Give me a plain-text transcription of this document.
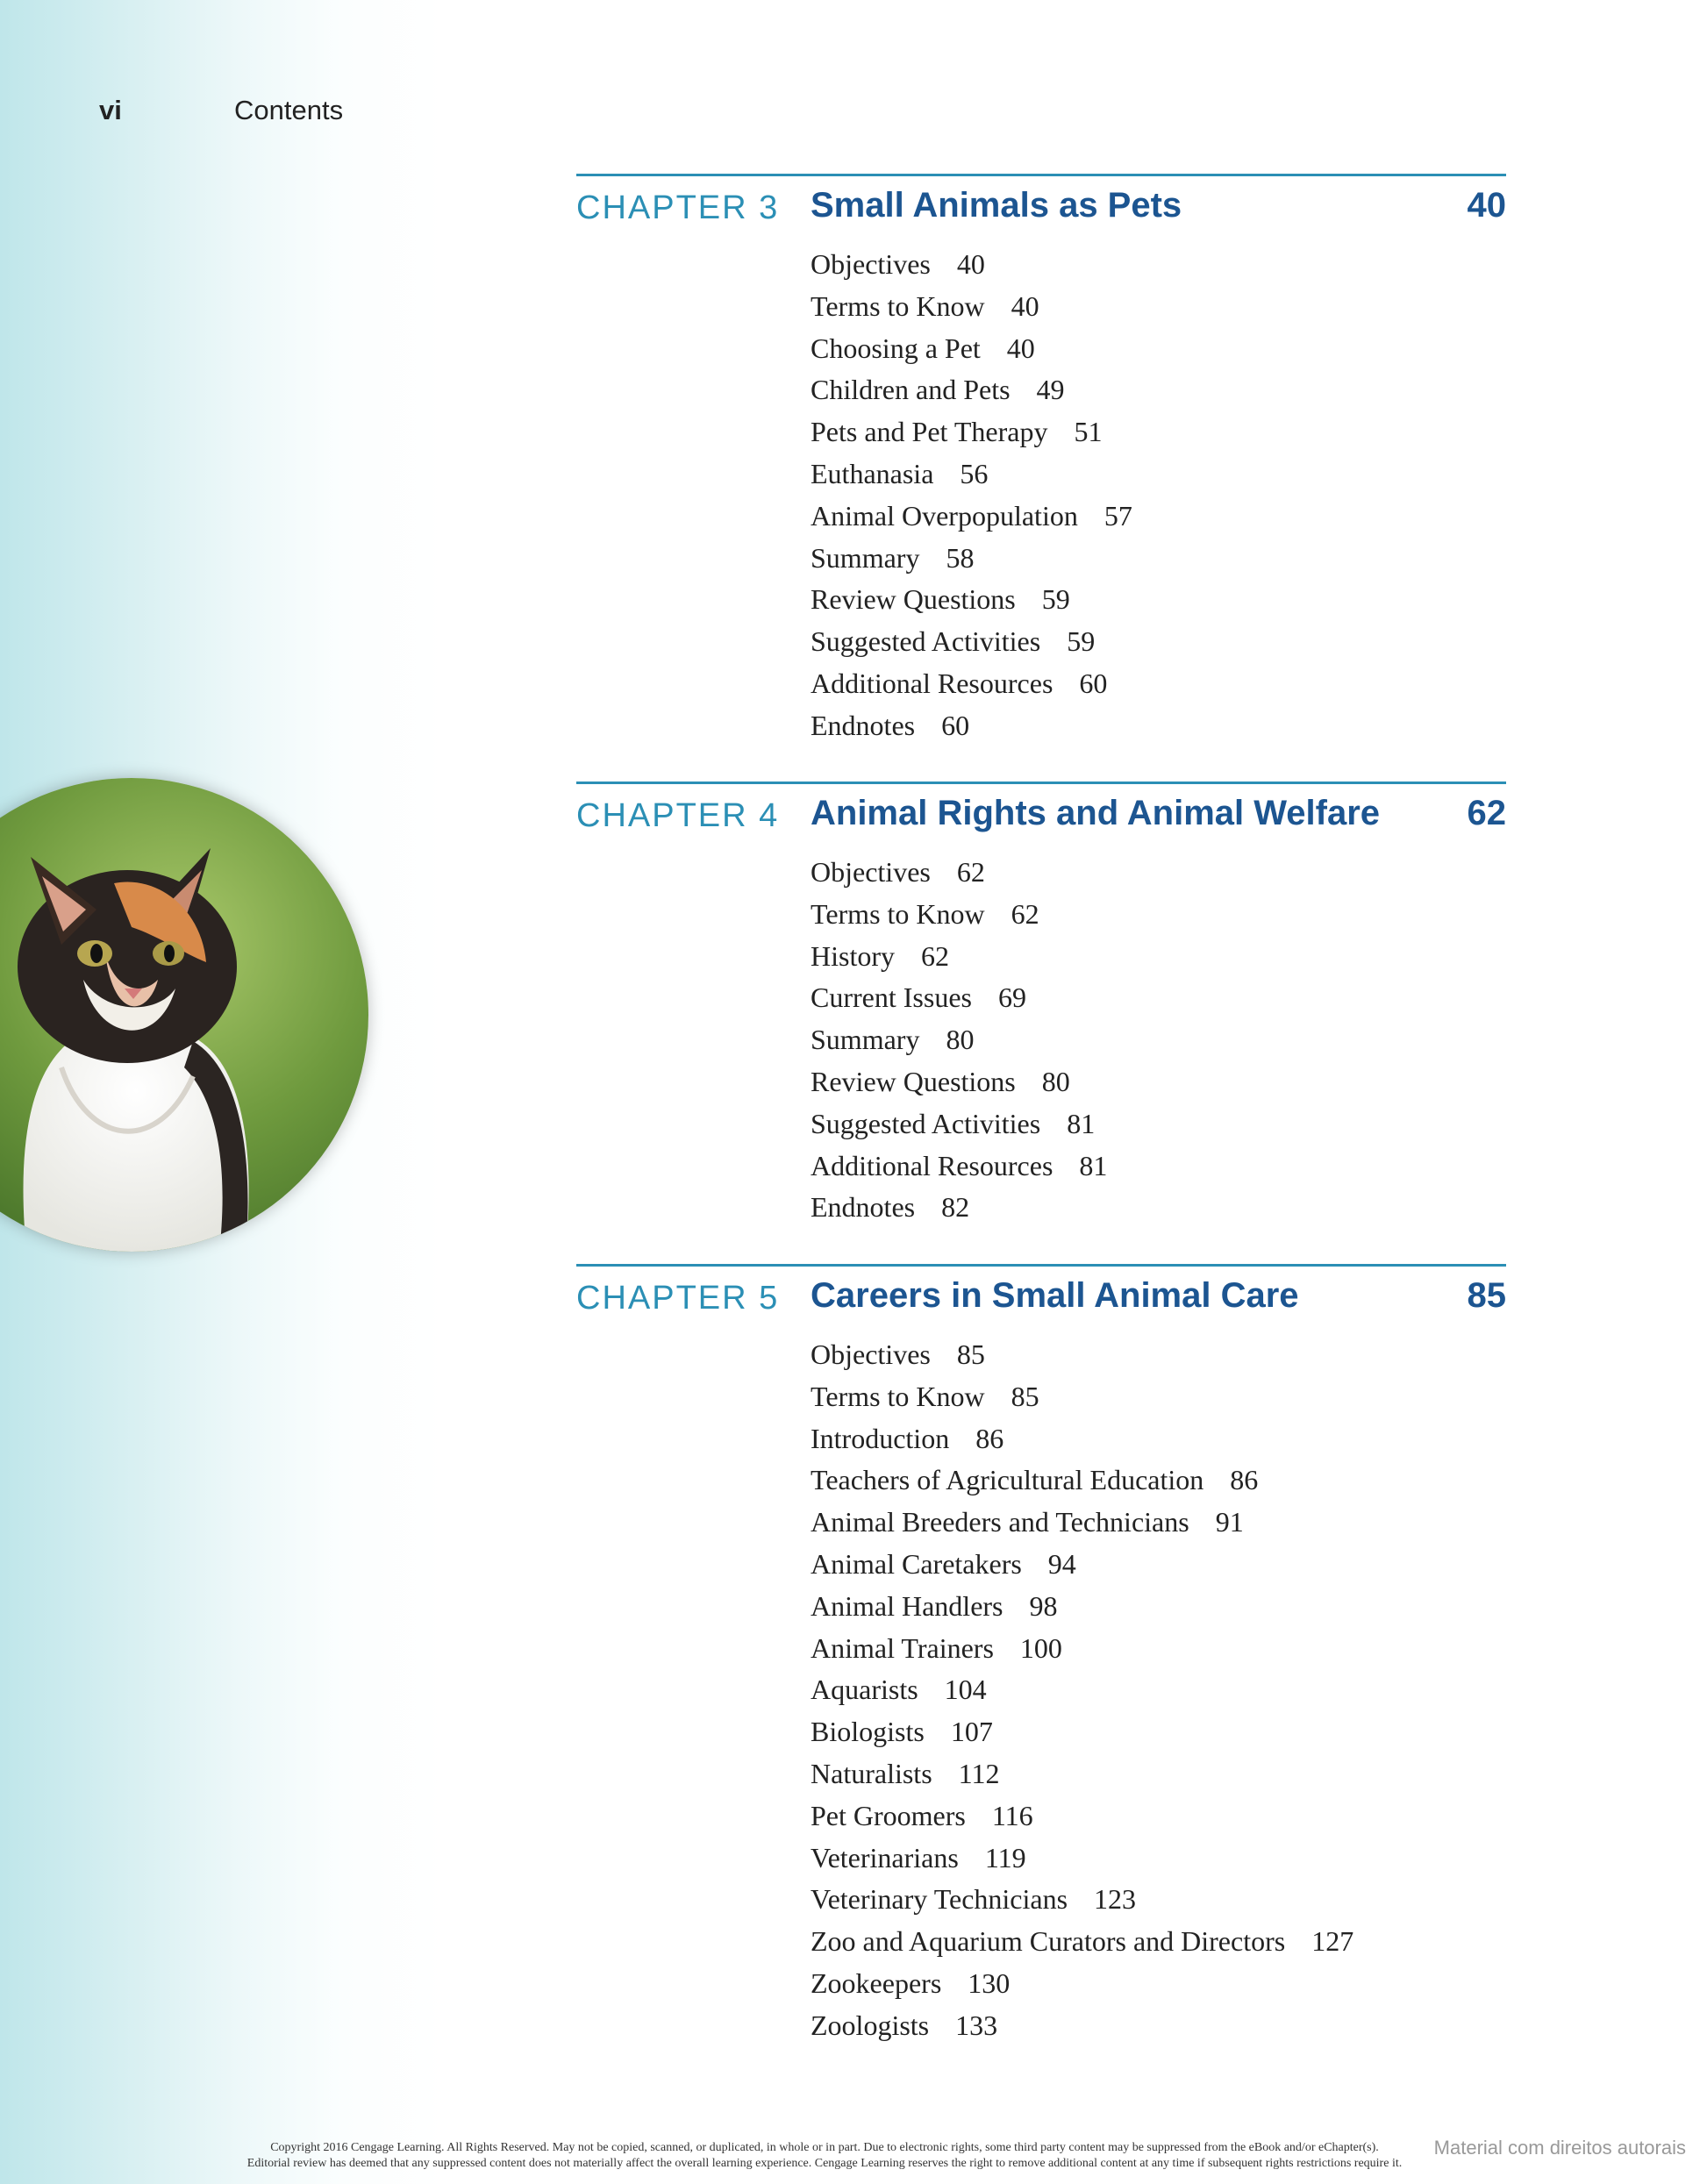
vi	Contents
CHAPTER 3 Small Animals as Pets	40
Objectives 40
Terms to Know 40
Choosing a Pet 40
Children and Pets 49
Pets and Pet Therapy 51
Euthanasia 56
Animal Overpopulation 57
Summary 58
Review Questions 59
Suggested Activities 59
Additional Resources 60
Endnotes 60
CHAPTER 4 Animal Rights and Animal Welfare 62
Objectives 62
Terms to Know 62
History 62
Current Issues 69
Summary 80
Review Questions 80
Suggested Activities 81
Additional Resources 81
Endnotes 82
CHAPTER 5 Careers in Small Animal Care	85
Objectives 85
Terms to Know 85
Introduction 86
Teachers of Agricultural Education 86
Animal Breeders and Technicians 91
Animal Caretakers 94
Animal Handlers 98
Animal Trainers 100
Aquarists 104
Biologists 107
Naturalists 112
Pet Groomers 116
Veterinarians 119
Veterinary Technicians 123
Zoo and Aquarium Curators and Directors 127
Zookeepers 130
Zoologists 133
Copyright 2016 Cengage Learning. All Rights Reserved. May not be copied, scanned, or duplicated, in whole or in part. Due to electronic rights, some third party content may be suppressed from the eBook and/or eChapter(s).
Editorial review has deemed that any suppressed content does not materially affect the overall learning experience. Cengage Learning reserves the right to remove additional content at any time if subsequent rights restrictions require it.
Material com direitos autorais
